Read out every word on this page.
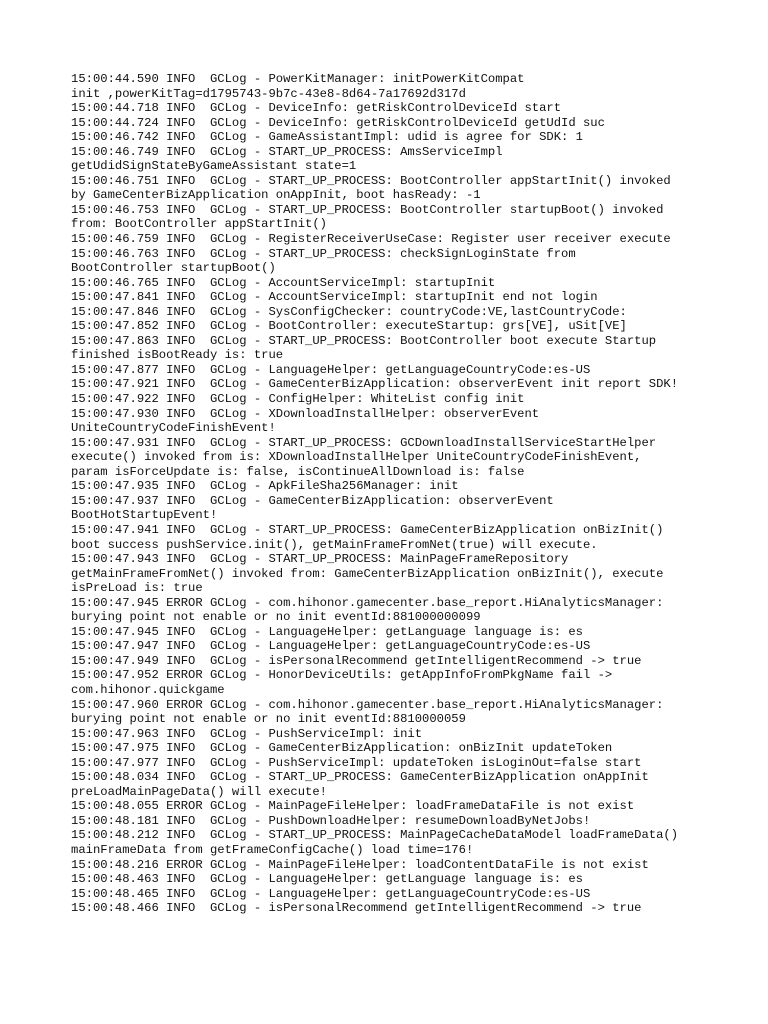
15:00:44.590 INFO  GCLog - PowerKitManager: initPowerKitCompat
init ,powerKitTag=d1795743-9b7c-43e8-8d64-7a17692d317d
15:00:44.718 INFO  GCLog - DeviceInfo: getRiskControlDeviceId start
15:00:44.724 INFO  GCLog - DeviceInfo: getRiskControlDeviceId getUdId suc
15:00:46.742 INFO  GCLog - GameAssistantImpl: udid is agree for SDK: 1
15:00:46.749 INFO  GCLog - START_UP_PROCESS: AmsServiceImpl
getUdidSignStateByGameAssistant state=1
15:00:46.751 INFO  GCLog - START_UP_PROCESS: BootController appStartInit() invoked
by GameCenterBizApplication onAppInit, boot hasReady: -1
15:00:46.753 INFO  GCLog - START_UP_PROCESS: BootController startupBoot() invoked
from: BootController appStartInit()
15:00:46.759 INFO  GCLog - RegisterReceiverUseCase: Register user receiver execute
15:00:46.763 INFO  GCLog - START_UP_PROCESS: checkSignLoginState from
BootController startupBoot()
15:00:46.765 INFO  GCLog - AccountServiceImpl: startupInit
15:00:47.841 INFO  GCLog - AccountServiceImpl: startupInit end not login
15:00:47.846 INFO  GCLog - SysConfigChecker: countryCode:VE,lastCountryCode:
15:00:47.852 INFO  GCLog - BootController: executeStartup: grs[VE], uSit[VE]
15:00:47.863 INFO  GCLog - START_UP_PROCESS: BootController boot execute Startup
finished isBootReady is: true
15:00:47.877 INFO  GCLog - LanguageHelper: getLanguageCountryCode:es-US
15:00:47.921 INFO  GCLog - GameCenterBizApplication: observerEvent init report SDK!
15:00:47.922 INFO  GCLog - ConfigHelper: WhiteList config init
15:00:47.930 INFO  GCLog - XDownloadInstallHelper: observerEvent
UniteCountryCodeFinishEvent!
15:00:47.931 INFO  GCLog - START_UP_PROCESS: GCDownloadInstallServiceStartHelper
execute() invoked from is: XDownloadInstallHelper UniteCountryCodeFinishEvent,
param isForceUpdate is: false, isContinueAllDownload is: false
15:00:47.935 INFO  GCLog - ApkFileSha256Manager: init
15:00:47.937 INFO  GCLog - GameCenterBizApplication: observerEvent
BootHotStartupEvent!
15:00:47.941 INFO  GCLog - START_UP_PROCESS: GameCenterBizApplication onBizInit()
boot success pushService.init(), getMainFrameFromNet(true) will execute.
15:00:47.943 INFO  GCLog - START_UP_PROCESS: MainPageFrameRepository
getMainFrameFromNet() invoked from: GameCenterBizApplication onBizInit(), execute
isPreLoad is: true
15:00:47.945 ERROR GCLog - com.hihonor.gamecenter.base_report.HiAnalyticsManager:
burying point not enable or no init eventId:881000000099
15:00:47.945 INFO  GCLog - LanguageHelper: getLanguage language is: es
15:00:47.947 INFO  GCLog - LanguageHelper: getLanguageCountryCode:es-US
15:00:47.949 INFO  GCLog - isPersonalRecommend getIntelligentRecommend -> true
15:00:47.952 ERROR GCLog - HonorDeviceUtils: getAppInfoFromPkgName fail ->
com.hihonor.quickgame
15:00:47.960 ERROR GCLog - com.hihonor.gamecenter.base_report.HiAnalyticsManager:
burying point not enable or no init eventId:8810000059
15:00:47.963 INFO  GCLog - PushServiceImpl: init
15:00:47.975 INFO  GCLog - GameCenterBizApplication: onBizInit updateToken
15:00:47.977 INFO  GCLog - PushServiceImpl: updateToken isLoginOut=false start
15:00:48.034 INFO  GCLog - START_UP_PROCESS: GameCenterBizApplication onAppInit
preLoadMainPageData() will execute!
15:00:48.055 ERROR GCLog - MainPageFileHelper: loadFrameDataFile is not exist
15:00:48.181 INFO  GCLog - PushDownloadHelper: resumeDownloadByNetJobs!
15:00:48.212 INFO  GCLog - START_UP_PROCESS: MainPageCacheDataModel loadFrameData()
mainFrameData from getFrameConfigCache() load time=176!
15:00:48.216 ERROR GCLog - MainPageFileHelper: loadContentDataFile is not exist
15:00:48.463 INFO  GCLog - LanguageHelper: getLanguage language is: es
15:00:48.465 INFO  GCLog - LanguageHelper: getLanguageCountryCode:es-US
15:00:48.466 INFO  GCLog - isPersonalRecommend getIntelligentRecommend -> true
